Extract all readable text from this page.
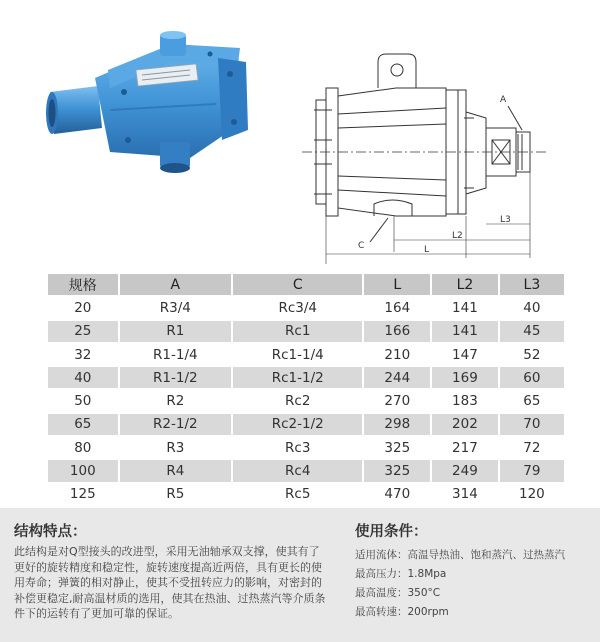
A
C
L3
L2
L
规格	A	C	L	L2	L3
20	R3/4	Rc3/4	164	141	40
25	R1	Rc1	166	141	45
32	R1-1/4	Rc1-1/4	210	147	52
40	R1-1/2	Rc1-1/2	244	169	60
50	R2	Rc2	270	183	65
65	R2-1/2	Rc2-1/2	298	202	70
80	R3	Rc3	325	217	72
100	R4	Rc4	325	249	79
125	R5	Rc5	470	314	120
结构特点：
此结构是对Q型接头的改进型，采用无油轴承双支撑，使其有了更好的旋转精度和稳定性，旋转速度提高近两倍，具有更长的使用寿命；弹簧的相对静止，使其不受扭转应力的影响，对密封的补偿更稳定,耐高温材质的选用，使其在热油、过热蒸汽等介质条件下的运转有了更加可靠的保证。
使用条件：
适用流体：高温导热油、饱和蒸汽、过热蒸汽
最高压力：1.8Mpa
最高温度：350°C
最高转速：200rpm
